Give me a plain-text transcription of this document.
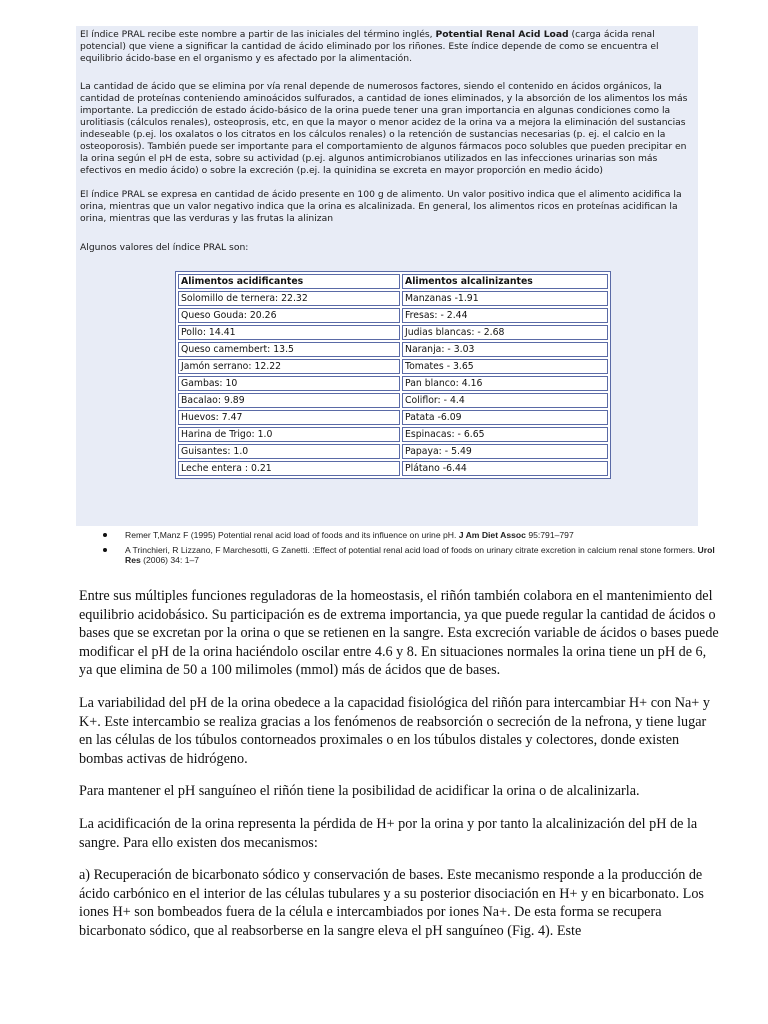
El índice PRAL recibe este nombre a partir de las iniciales del término inglés, Potential Renal Acid Load (carga ácida renal potencial) que viene a significar la cantidad de ácido eliminado por los riñones. Este índice depende de como se encuentra el equilibrio ácido-base en el organismo y es afectado por la alimentación.

La cantidad de ácido que se elimina por vía renal depende de numerosos factores, siendo el contenido en ácidos orgánicos, la cantidad de proteínas conteniendo aminoácidos sulfurados, a cantidad de iones eliminados, y la absorción de los alimentos los más importante. La predicción de estado ácido-básico de la orina puede tener una gran importancia en algunas condiciones como la urolitiasis (cálculos renales), osteoprosis, etc, en que la mayor o menor acidez de la orina va a mejora la eliminación del sustancias indeseable (p.ej. los oxalatos o los citratos en los cálculos renales) o la retención de sustancias necesarias (p. ej. el calcio en la osteoporosis). También puede ser importante para el comportamiento de algunos fármacos poco solubles que pueden precipitar en la orina según el pH de esta, sobre su actividad (p.ej. algunos antimicrobianos utilizados en las infecciones urinarias son más efectivos en medio ácido) o sobre la excreción (p.ej. la quinidina se excreta en mayor proporción en medio ácido)

El índice PRAL se expresa en cantidad de ácido presente en 100 g de alimento. Un valor positivo indica que el alimento acidifica la orina, mientras que un valor negativo indica que la orina es alcalinizada. En general, los alimentos ricos en proteínas acidifican la orina, mientras que las verduras y las frutas la alinizan

Algunos valores del índice PRAL son:

Alimentos acidificantes	Alimentos alcalinizantes
Solomillo de ternera: 22.32	Manzanas -1.91
Queso Gouda: 20.26	Fresas: - 2.44
Pollo: 14.41	Judias blancas: - 2.68
Queso camembert: 13.5	Naranja: - 3.03
Jamón serrano: 12.22	Tomates - 3.65
Gambas: 10	Pan blanco: 4.16
Bacalao: 9.89	Coliflor: - 4.4
Huevos: 7.47	Patata -6.09
Harina de Trigo: 1.0	Espinacas: - 6.65
Guisantes: 1.0	Papaya: - 5.49
Leche entera : 0.21	Plátano -6.44
Remer T,Manz F (1995) Potential renal acid load of foods and its influence on urine pH. J Am Diet Assoc 95:791–797
A Trinchieri, R Lizzano, F Marchesotti, G Zanetti. :Effect of potential renal acid load of foods on urinary citrate excretion in calcium renal stone formers. Urol Res (2006) 34: 1–7

Entre sus múltiples funciones reguladoras de la homeostasis, el riñón también colabora en el mantenimiento del equilibrio acidobásico. Su participación es de extrema importancia, ya que puede regular la cantidad de ácidos o bases que se excretan por la orina o que se retienen en la sangre. Esta excreción variable de ácidos o bases puede modificar el pH de la orina haciéndolo oscilar entre 4.6 y 8. En situaciones normales la orina tiene un pH de 6, ya que elimina de 50 a 100 milimoles (mmol) más de ácidos que de bases.

La variabilidad del pH de la orina obedece a la capacidad fisiológica del riñón para intercambiar H+ con Na+ y K+. Este intercambio se realiza gracias a los fenómenos de reabsorción o secreción de la nefrona, y tiene lugar en las células de los túbulos contorneados proximales o en los túbulos distales y colectores, donde existen bombas activas de hidrógeno.

Para mantener el pH sanguíneo el riñón tiene la posibilidad de acidificar la orina o de alcalinizarla.

La acidificación de la orina representa la pérdida de H+ por la orina y por tanto la alcalinización del pH de la sangre. Para ello existen dos mecanismos:

a) Recuperación de bicarbonato sódico y conservación de bases. Este mecanismo responde a la producción de ácido carbónico en el interior de las células tubulares y a su posterior disociación en H+ y en bicarbonato. Los iones H+ son bombeados fuera de la célula e intercambiados por iones Na+. De esta forma se recupera bicarbonato sódico, que al reabsorberse en la sangre eleva el pH sanguíneo (Fig. 4). Este
